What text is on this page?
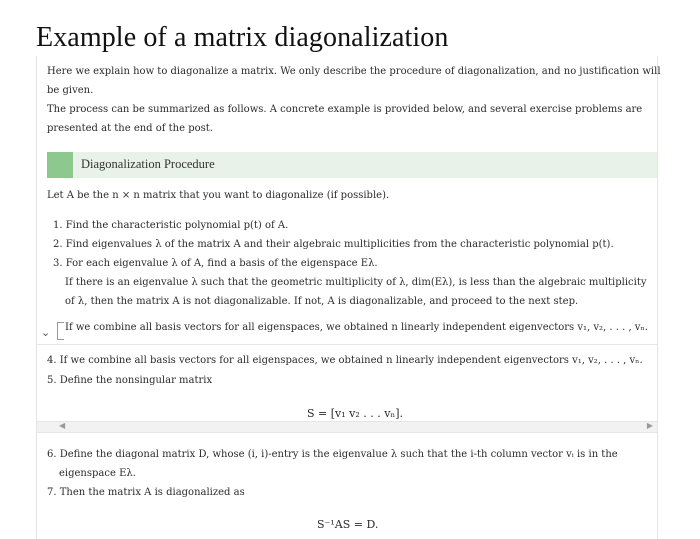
Example of a matrix diagonalization
Here we explain how to diagonalize a matrix. We only describe the procedure of diagonalization, and no justification will
be given.
The process can be summarized as follows. A concrete example is provided below, and several exercise problems are
presented at the end of the post.
Diagonalization Procedure
Let A be the n × n matrix that you want to diagonalize (if possible).
1. Find the characteristic polynomial p(t) of A.
2. Find eigenvalues λ of the matrix A and their algebraic multiplicities from the characteristic polynomial p(t).
3. For each eigenvalue λ of A, find a basis of the eigenspace Eλ.
If there is an eigenvalue λ such that the geometric multiplicity of λ, dim(Eλ), is less than the algebraic multiplicity
of λ, then the matrix A is not diagonalizable. If not, A is diagonalizable, and proceed to the next step.
⌄ If we combine all basis vectors for all eigenspaces, we obtained n linearly independent eigenvectors v₁, v₂, . . . , vₙ.
4. If we combine all basis vectors for all eigenspaces, we obtained n linearly independent eigenvectors v₁, v₂, . . . , vₙ.
5. Define the nonsingular matrix
S = [v₁ v₂ . . . vₙ].
◀	▶
6. Define the diagonal matrix D, whose (i, i)-entry is the eigenvalue λ such that the i-th column vector vᵢ is in the
eigenspace Eλ.
7. Then the matrix A is diagonalized as
S⁻¹AS = D.
